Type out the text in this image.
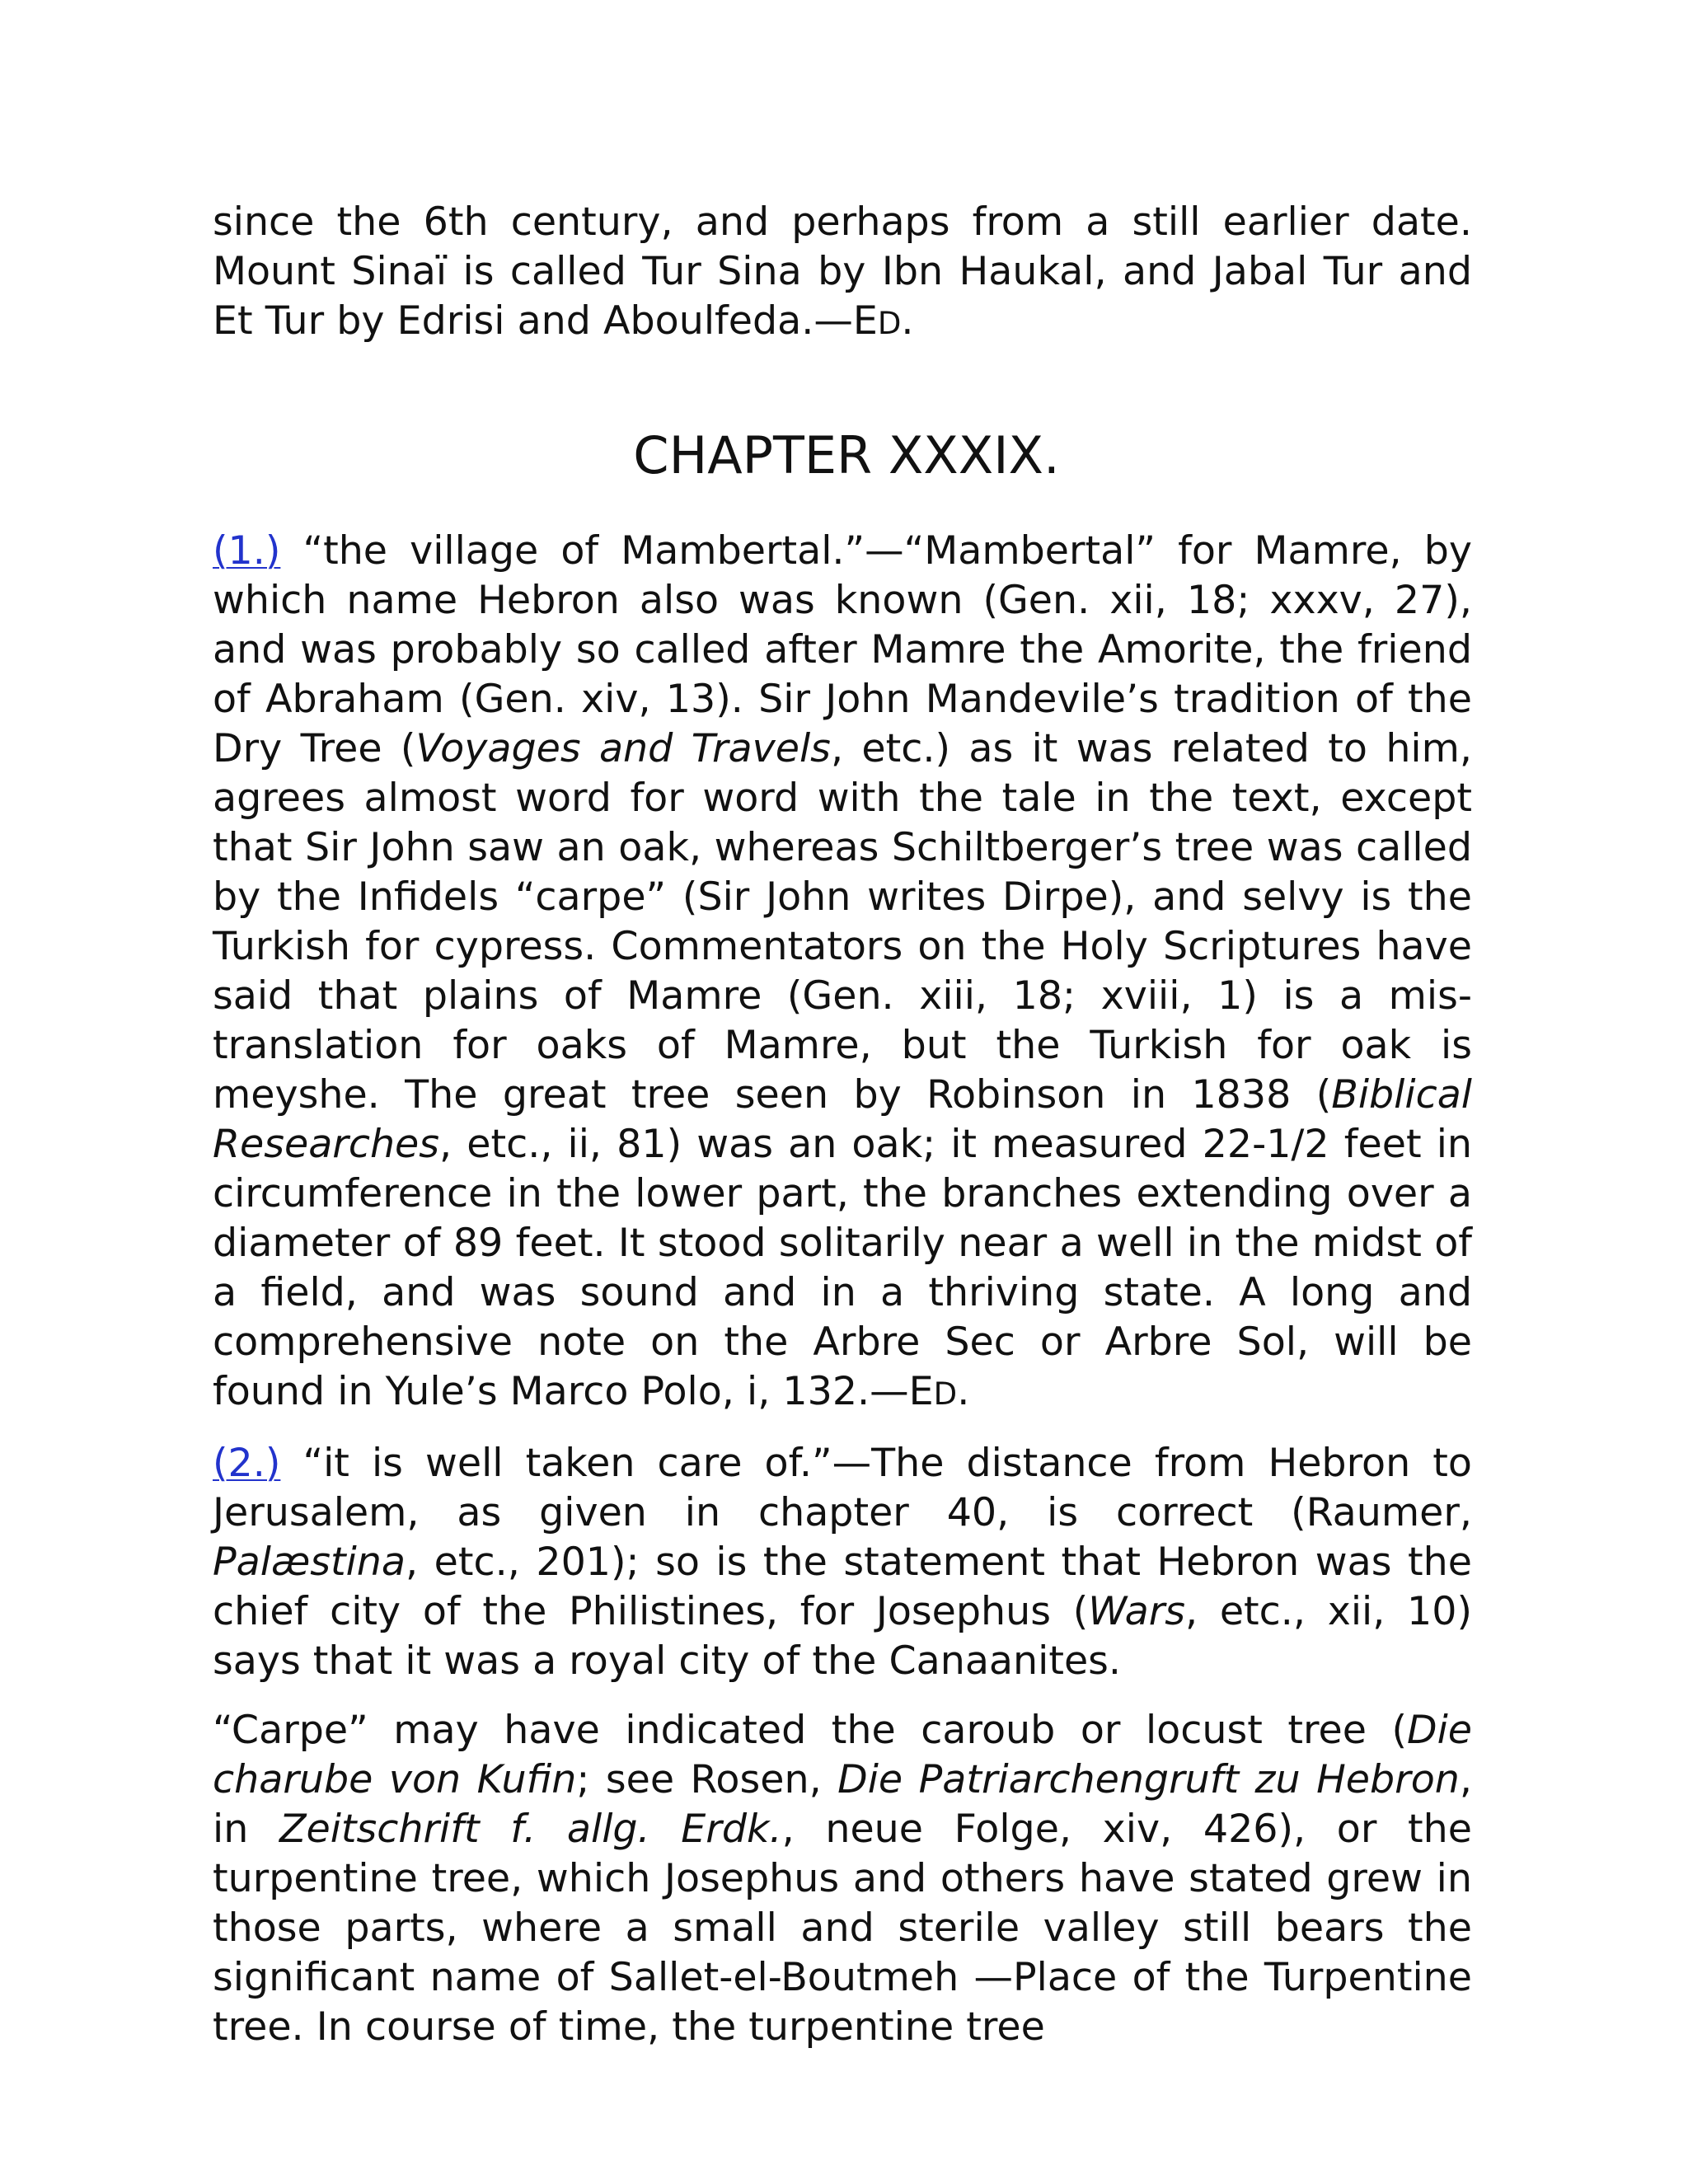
since the 6th century, and perhaps from a still earlier date. Mount Sinaï is called Tur Sina by Ibn Haukal, and Jabal Tur and Et Tur by Edrisi and Aboulfeda.—ED.

CHAPTER XXXIX.

(1.) “the village of Mambertal.”—“Mambertal” for Mamre, by which name Hebron also was known (Gen. xii, 18; xxxv, 27), and was probably so called after Mamre the Amorite, the friend of Abraham (Gen. xiv, 13). Sir John Mandevile’s tradition of the Dry Tree (Voyages and Travels, etc.) as it was related to him, agrees almost word for word with the tale in the text, except that Sir John saw an oak, whereas Schiltberger’s tree was called by the Infidels “carpe” (Sir John writes Dirpe), and selvy is the Turkish for cypress. Commentators on the Holy Scriptures have said that plains of Mamre (Gen. xiii, 18; xviii, 1) is a mis-translation for oaks of Mamre, but the Turkish for oak is meyshe. The great tree seen by Robinson in 1838 (Biblical Researches, etc., ii, 81) was an oak; it measured 22-1/2 feet in circumference in the lower part, the branches extending over a diameter of 89 feet. It stood solitarily near a well in the midst of a field, and was sound and in a thriving state. A long and comprehensive note on the Arbre Sec or Arbre Sol, will be found in Yule’s Marco Polo, i, 132.—ED.

(2.) “it is well taken care of.”—The distance from Hebron to Jerusalem, as given in chapter 40, is correct (Raumer, Palæstina, etc., 201); so is the statement that Hebron was the chief city of the Philistines, for Josephus (Wars, etc., xii, 10) says that it was a royal city of the Canaanites.

“Carpe” may have indicated the caroub or locust tree (Die charube von Kufin; see Rosen, Die Patriarchengruft zu Hebron, in Zeitschrift f. allg. Erdk., neue Folge, xiv, 426), or the turpentine tree, which Josephus and others have stated grew in those parts, where a small and sterile valley still bears the significant name of Sallet-el-Boutmeh —Place of the Turpentine tree. In course of time, the turpentine tree
